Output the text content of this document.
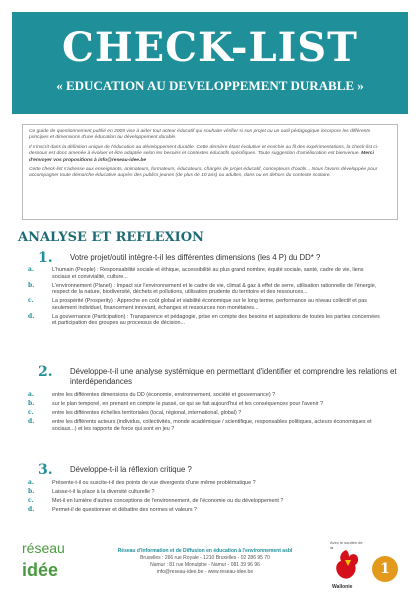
CHECK-LIST
« EDUCATION AU DEVELOPPEMENT DURABLE »

Ce guide de questionnement publié en 2009 vise à aider tout acteur éducatif qui souhaite vérifier si son projet ou un outil pédagogique incorpore les différents principes et dimensions d'une éducation au développement durable.

Il s'inscrit dans la définition unique de l'éducation au développement durable. Cette dernière étant évolutive et enrichie au fil des expérimentations, la check-list ci-dessous est donc amenée à évoluer et être adaptée selon les besoins et contextes éducatifs spécifiques. Toute suggestion d'amélioration est bienvenue. Merci d'envoyer vos propositions à info@reseau-idee.be

Cette check-list s'adresse aux enseignants, animateurs, formateurs, éducateurs, chargés de projet éducatif, concepteurs d'outils... Nous l'avons développée pour accompagner toute démarche éducative auprès des publics jeunes (de plus de 10 ans) ou adultes, dans ou en dehors du contexte scolaire.

ANALYSE ET REFLEXION
1. Votre projet/outil intègre-t-il les différentes dimensions (les 4 P) du DD* ?
a.	L'humain (People) : Responsabilité sociale et éthique, accessibilité au plus grand nombre, équité sociale, santé, cadre de vie, liens sociaux et convivialité, culture...
b.	L'environnement (Planet) : Impact sur l'environnement et le cadre de vie, climat & gaz à effet de serre, utilisation rationnelle de l'énergie, respect de la nature, biodiversité, déchets et pollutions, utilisation prudente du territoire et des ressources...
c.	La prospérité (Prosperity) : Approche en coût global et viabilité économique sur le long terme, performance au niveau collectif et pas seulement individuel, financement innovant, échanges et ressources non monétaires...
d.	La gouvernance (Participation) : Transparence et pédagogie, prise en compte des besoins et aspirations de toutes les parties concernées et participation des groupes au processus de décision...
2. Développe-t-il une analyse systémique en permettant d'identifier et comprendre les relations et interdépendances
a.	entre les différentes dimensions du DD (économie, environnement, société et gouvernance) ?
b.	sur le plan temporel, en prenant en compte le passé, ce qui se fait aujourd'hui et les conséquences pour l'avenir ?
c.	entre les différentes échelles territoriales (local, régional, international, global) ?
d.	entre les différents acteurs (individus, collectivités, monde académique / scientifique, responsables politiques, acteurs économiques et sociaux...) et les rapports de force qui sont en jeu ?
3. Développe-t-il la réflexion critique ?
a.	Présente-t-il ou suscite-t-il des points de vue divergents d'une même problématique ?
b.	Laisse-t-il la place à la diversité culturelle ?
c.	Met-il en lumière d'autres conceptions de l'environnement, de l'économie ou du développement ?
d.	Permet-il de questionner et débattre des normes et valeurs ?
réseau
idée
Réseau d'Information et de Diffusion en éducation à l'environnement asbl
Bruxelles : 266 rue Royale - 1210 Bruxelles - 02 286 95 70
Namur : 81 rue Monulphe - Namur - 081 39 96 96
info@reseau-idee.be - www.reseau-idee.be
Avec le soutien de la
Wallonie
1
